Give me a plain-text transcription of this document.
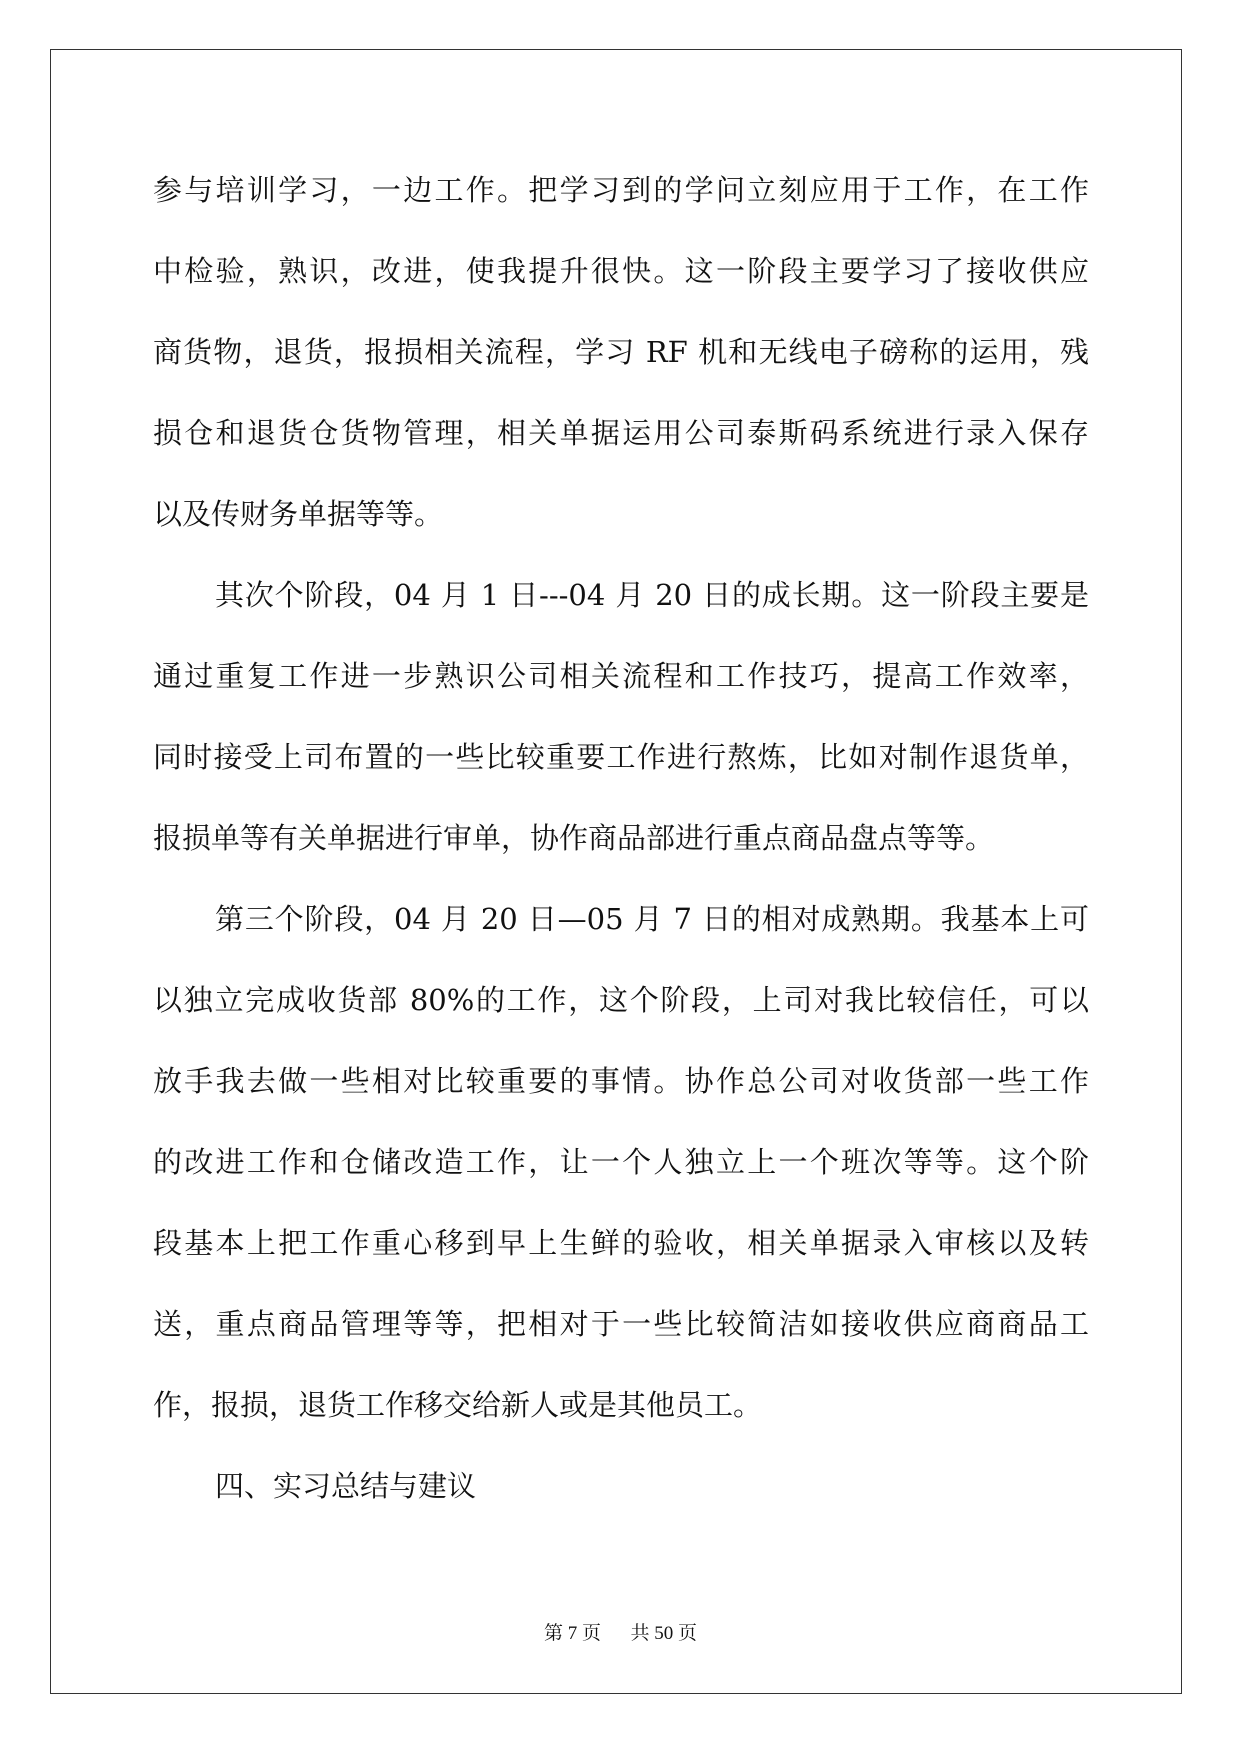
参与培训学习，一边工作。把学习到的学问立刻应用于工作，在工作
中检验，熟识，改进，使我提升很快。这一阶段主要学习了接收供应
商货物，退货，报损相关流程，学习 RF 机和无线电子磅称的运用，残
损仓和退货仓货物管理，相关单据运用公司泰斯码系统进行录入保存
以及传财务单据等等。
其次个阶段，04 月 1 日---04 月 20 日的成长期。这一阶段主要是
通过重复工作进一步熟识公司相关流程和工作技巧，提高工作效率，
同时接受上司布置的一些比较重要工作进行熬炼，比如对制作退货单，
报损单等有关单据进行审单，协作商品部进行重点商品盘点等等。
第三个阶段，04 月 20 日—05 月 7 日的相对成熟期。我基本上可
以独立完成收货部 80%的工作，这个阶段，上司对我比较信任，可以
放手我去做一些相对比较重要的事情。协作总公司对收货部一些工作
的改进工作和仓储改造工作，让一个人独立上一个班次等等。这个阶
段基本上把工作重心移到早上生鲜的验收，相关单据录入审核以及转
送，重点商品管理等等，把相对于一些比较简洁如接收供应商商品工
作，报损，退货工作移交给新人或是其他员工。
四、实习总结与建议
第 7 页 共 50 页
